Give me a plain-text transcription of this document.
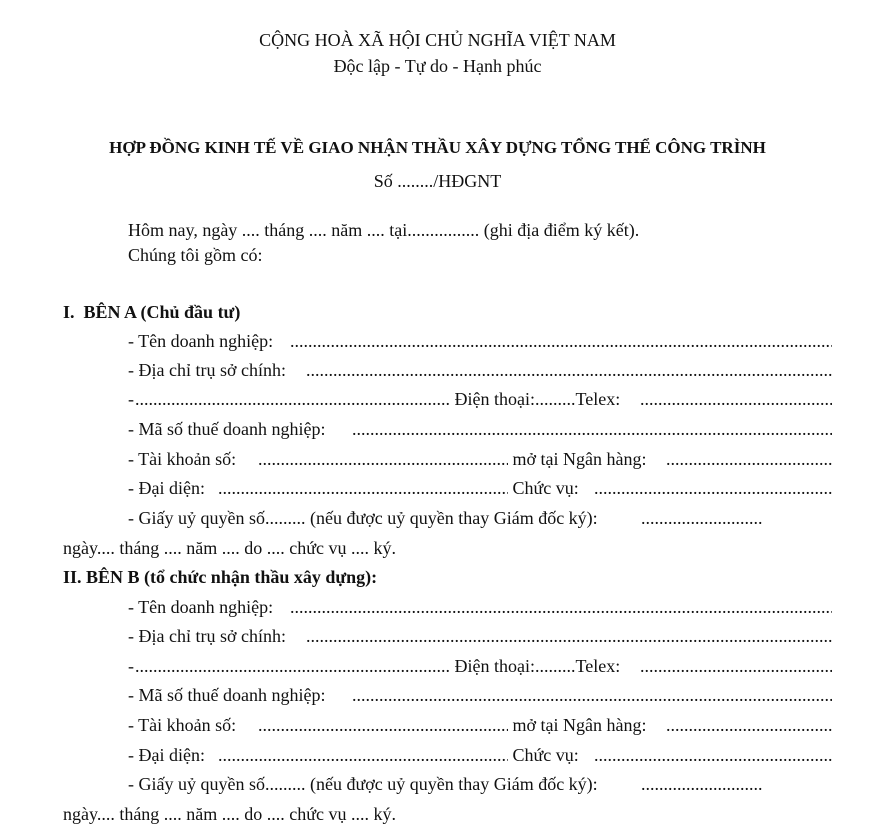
CỘNG HOÀ XÃ HỘI CHỦ NGHĨA VIỆT NAM
Độc lập - Tự do - Hạnh phúc
HỢP ĐỒNG KINH TẾ VỀ GIAO NHẬN THẦU XÂY DỰNG TỔNG THỂ CÔNG TRÌNH
Số ......../HĐGNT
Hôm nay, ngày .... tháng .... năm .... tại................ (ghi địa điểm ký kết).
Chúng tôi gồm có:
I.  BÊN A (Chủ đầu tư)
- Tên doanh nghiệp:
.....
- Địa chỉ trụ sở chính:
.....
- .....	Điện thoại:.........Telex:
.....
- Mã số thuế doanh nghiệp:
.....
- Tài khoản số: .....	mở tại Ngân hàng:
.....
- Đại diện: .....	Chức vụ:
.....
- Giấy uỷ quyền số......... (nếu được uỷ quyền thay Giám đốc ký): ...........................
ngày.... tháng .... năm .... do .... chức vụ .... ký.
II. BÊN B (tổ chức nhận thầu xây dựng):
- Tên doanh nghiệp:
.....
- Địa chỉ trụ sở chính:
.....
- .....	Điện thoại:.........Telex:
.....
- Mã số thuế doanh nghiệp:
.....
- Tài khoản số: .....	mở tại Ngân hàng:
.....
- Đại diện: .....	Chức vụ:
.....
- Giấy uỷ quyền số......... (nếu được uỷ quyền thay Giám đốc ký): ...........................
ngày.... tháng .... năm .... do .... chức vụ .... ký.
